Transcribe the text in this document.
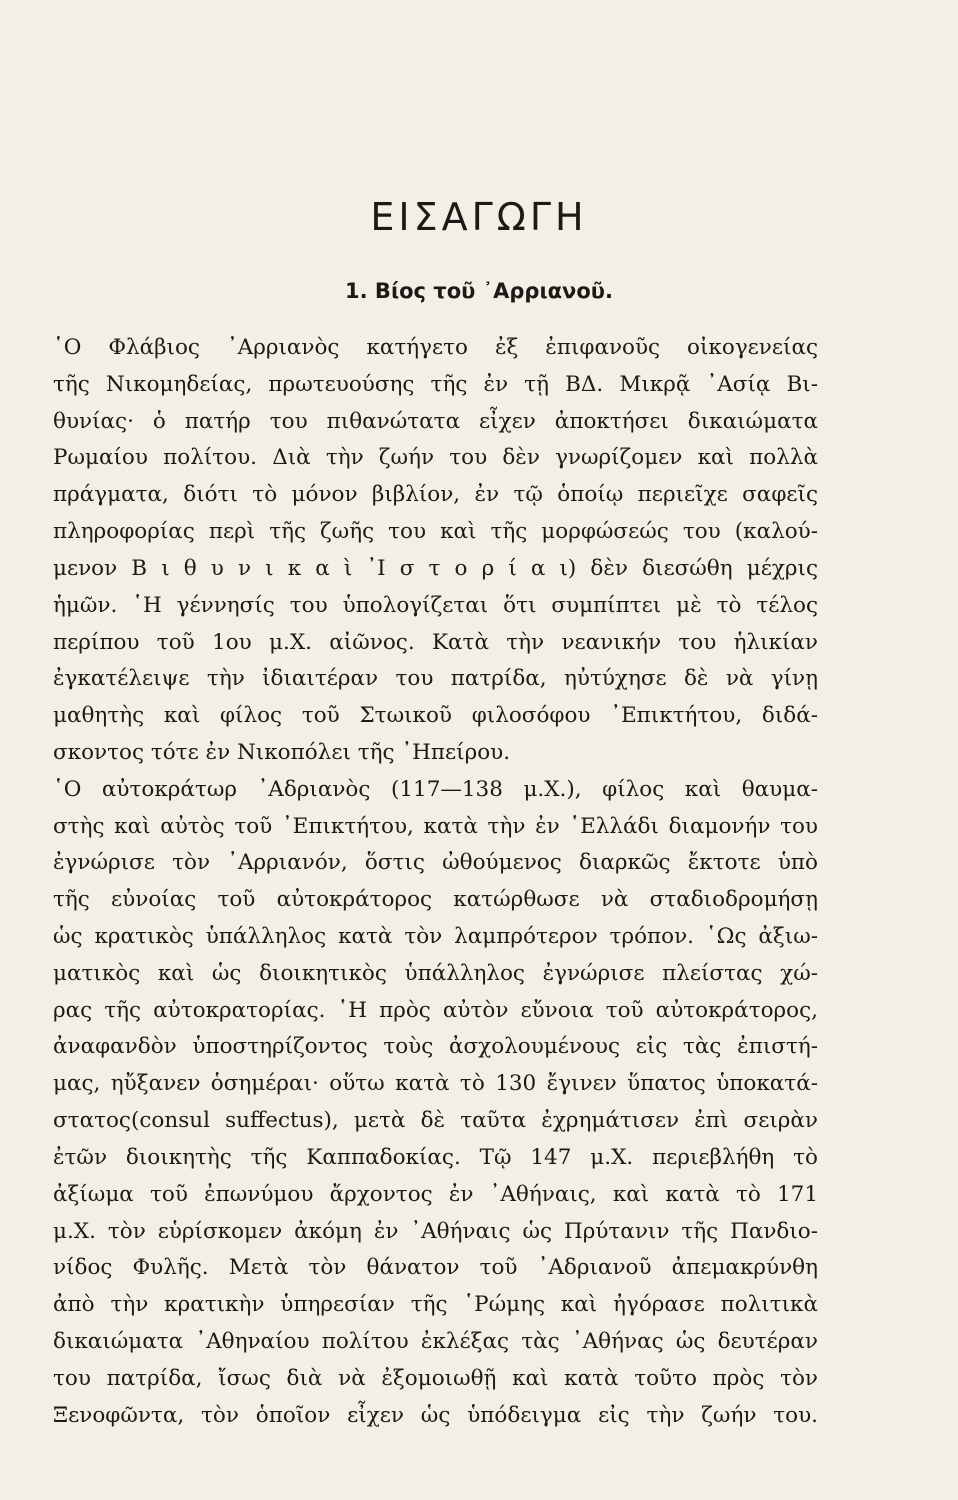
ΕΙΣΑΓΩΓΗ
1. Βίος τοῦ ᾿Αρριανοῦ.
῾Ο Φλάβιος ᾿Αρριανὸς κατήγετο ἐξ ἐπιφανοῦς οἰκογενείας
τῆς Νικομηδείας, πρωτευούσης τῆς ἐν τῇ ΒΔ. Μικρᾷ ᾿Ασίᾳ Βι-
θυνίας· ὁ πατήρ του πιθανώτατα εἶχεν ἀποκτήσει δικαιώματα
Ρωμαίου πολίτου. Διὰ τὴν ζωήν του δὲν γνωρίζομεν καὶ πολλὰ
πράγματα, διότι τὸ μόνον βιβλίον, ἐν τῷ ὁποίῳ περιεῖχε σαφεῖς
πληροφορίας περὶ τῆς ζωῆς του καὶ τῆς μορφώσεώς του (καλού-
μενον Β ι θ υ ν ι κ α ὶ ᾿Ι σ τ ο ρ ί α ι) δὲν διεσώθη μέχρις
ἡμῶν. ῾Η γέννησίς του ὑπολογίζεται ὅτι συμπίπτει μὲ τὸ τέλος
περίπου τοῦ 1ου μ.Χ. αἰῶνος. Κατὰ τὴν νεανικήν του ἡλικίαν
ἐγκατέλειψε τὴν ἰδιαιτέραν του πατρίδα, ηὐτύχησε δὲ νὰ γίνῃ
μαθητὴς καὶ φίλος τοῦ Στωικοῦ φιλοσόφου ᾿Επικτήτου, διδά-
σκοντος τότε ἐν Νικοπόλει τῆς ᾿Ηπείρου.
῾Ο αὐτοκράτωρ ᾿Αδριανὸς (117—138 μ.Χ.), φίλος καὶ θαυμα-
στὴς καὶ αὐτὸς τοῦ ᾿Επικτήτου, κατὰ τὴν ἐν ῾Ελλάδι διαμονήν του
ἐγνώρισε τὸν ᾿Αρριανόν, ὅστις ὠθούμενος διαρκῶς ἔκτοτε ὑπὸ
τῆς εὐνοίας τοῦ αὐτοκράτορος κατώρθωσε νὰ σταδιοδρομήσῃ
ὡς κρατικὸς ὑπάλληλος κατὰ τὸν λαμπρότερον τρόπον. ῾Ως ἀξιω-
ματικὸς καὶ ὡς διοικητικὸς ὑπάλληλος ἐγνώρισε πλείστας χώ-
ρας τῆς αὐτοκρατορίας. ῾Η πρὸς αὐτὸν εὔνοια τοῦ αὐτοκράτορος,
ἀναφανδὸν ὑποστηρίζοντος τοὺς ἀσχολουμένους εἰς τὰς ἐπιστή-
μας, ηὔξανεν ὁσημέραι· οὕτω κατὰ τὸ 130 ἔγινεν ὕπατος ὑποκατά-
στατος(consul suffectus), μετὰ δὲ ταῦτα ἐχρημάτισεν ἐπὶ σειρὰν
ἐτῶν διοικητὴς τῆς Καππαδοκίας. Τῷ 147 μ.Χ. περιεβλήθη τὸ
ἀξίωμα τοῦ ἐπωνύμου ἄρχοντος ἐν ᾿Αθήναις, καὶ κατὰ τὸ 171
μ.Χ. τὸν εὑρίσκομεν ἀκόμη ἐν ᾿Αθήναις ὡς Πρύτανιν τῆς Πανδιο-
νίδος Φυλῆς. Μετὰ τὸν θάνατον τοῦ ᾿Αδριανοῦ ἀπεμακρύνθη
ἀπὸ τὴν κρατικὴν ὑπηρεσίαν τῆς ῾Ρώμης καὶ ἠγόρασε πολιτικὰ
δικαιώματα ᾿Αθηναίου πολίτου ἐκλέξας τὰς ᾿Αθήνας ὡς δευτέραν
του πατρίδα, ἴσως διὰ νὰ ἐξομοιωθῇ καὶ κατὰ τοῦτο πρὸς τὸν
Ξενοφῶντα, τὸν ὁποῖον εἶχεν ὡς ὑπόδειγμα εἰς τὴν ζωήν του.
